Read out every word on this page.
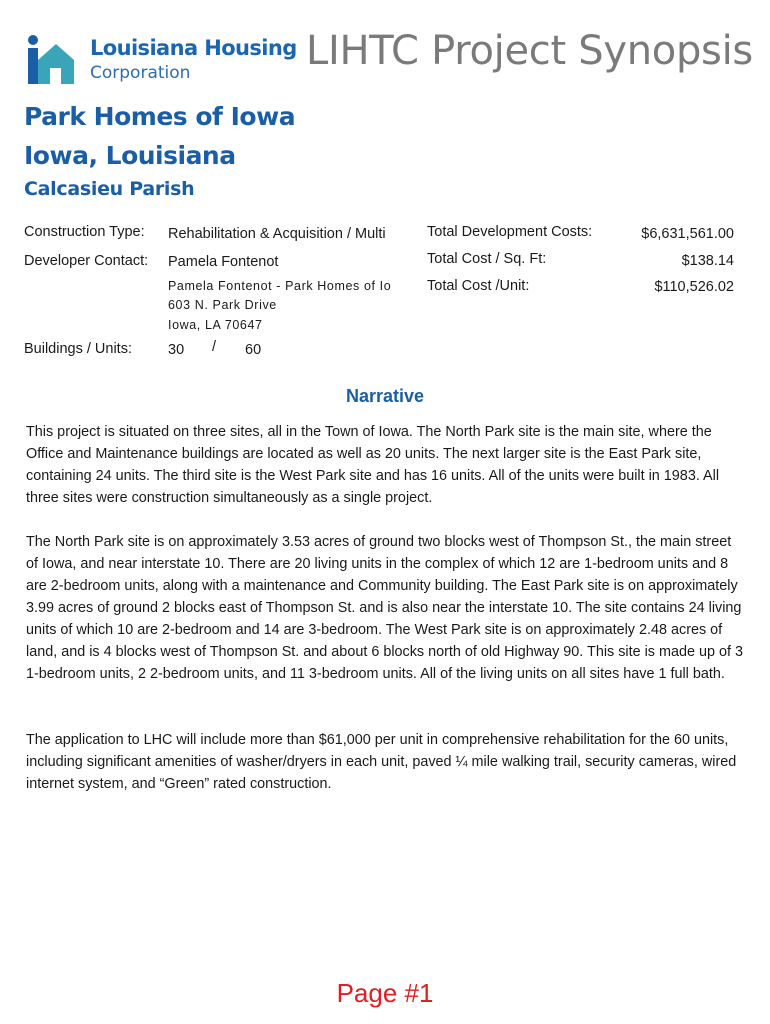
Louisiana Housing
Corporation	LIHTC Project Synopsis
Park Homes of Iowa
Iowa, Louisiana
Calcasieu Parish
Construction Type: Rehabilitation & Acquisition / Multi
Developer Contact: Pamela Fontenot
Pamela Fontenot - Park Homes of Io
603 N. Park Drive
Iowa, LA 70647
Buildings / Units: 30 / 60
Total Development Costs:	$6,631,561.00
Total Cost / Sq. Ft:	$138.14
Total Cost /Unit:	$110,526.02
Narrative

This project is situated on three sites, all in the Town of Iowa. The North Park site is the main site, where the Office and Maintenance buildings are located as well as 20 units. The next larger site is the East Park site, containing 24 units. The third site is the West Park site and has 16 units. All of the units were built in 1983. All three sites were construction simultaneously as a single project.

The North Park site is on approximately 3.53 acres of ground two blocks west of Thompson St., the main street of Iowa, and near interstate 10. There are 20 living units in the complex of which 12 are 1-bedroom units and 8 are 2-bedroom units, along with a maintenance and Community building. The East Park site is on approximately 3.99 acres of ground 2 blocks east of Thompson St. and is also near the interstate 10. The site contains 24 living units of which 10 are 2-bedroom and 14 are 3-bedroom. The West Park site is on approximately 2.48 acres of land, and is 4 blocks west of Thompson St. and about 6 blocks north of old Highway 90. This site is made up of 3 1-bedroom units, 2 2-bedroom units, and 11 3-bedroom units. All of the living units on all sites have 1 full bath.

The application to LHC will include more than $61,000 per unit in comprehensive rehabilitation for the 60 units, including significant amenities of washer/dryers in each unit, paved ¼ mile walking trail, security cameras, wired internet system, and “Green” rated construction.

Page #1
